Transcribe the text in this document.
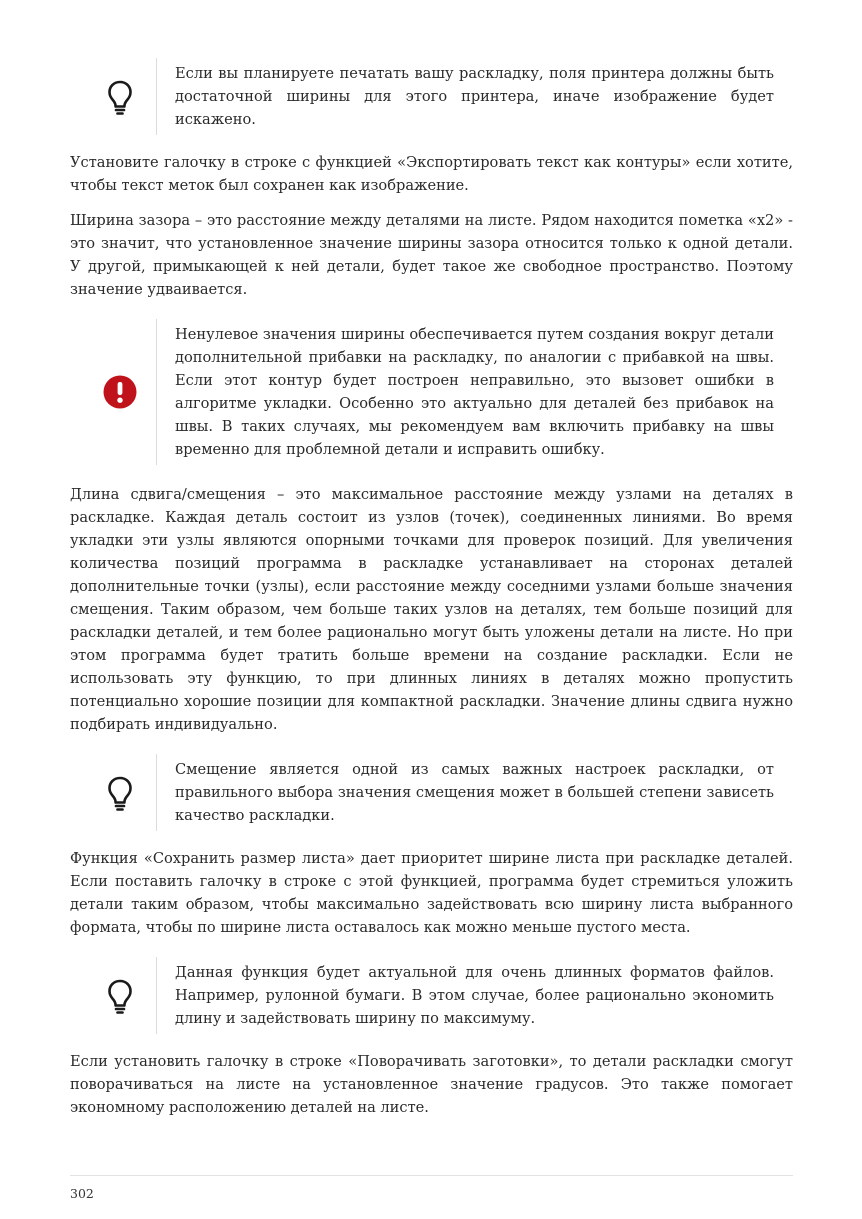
Если вы планируете печатать вашу раскладку, поля принтера должны быть достаточной ширины для этого принтера, иначе изображение будет искажено.

Установите галочку в строке с функцией «Экспортировать текст как контуры» если хотите, чтобы текст меток был сохранен как изображение.

Ширина зазора – это расстояние между деталями на листе. Рядом находится пометка «x2» - это значит, что установленное значение ширины зазора относится только к одной детали. У другой, примыкающей к ней детали, будет такое же свободное пространство. Поэтому значение удваивается.

Ненулевое значения ширины обеспечивается путем создания вокруг детали дополнительной прибавки на раскладку, по аналогии с прибавкой на швы. Если этот контур будет построен неправильно, это вызовет ошибки в алгоритме укладки. Особенно это актуально для деталей без прибавок на швы. В таких случаях, мы рекомендуем вам включить прибавку на швы временно для проблемной детали и исправить ошибку.

Длина сдвига/смещения – это максимальное расстояние между узлами на деталях в раскладке. Каждая деталь состоит из узлов (точек), соединенных линиями. Во время укладки эти узлы являются опорными точками для проверок позиций. Для увеличения количества позиций программа в раскладке устанавливает на сторонах деталей дополнительные точки (узлы), если расстояние между соседними узлами больше значения смещения. Таким образом, чем больше таких узлов на деталях, тем больше позиций для раскладки деталей, и тем более рационально могут быть уложены детали на листе. Но при этом программа будет тратить больше времени на создание раскладки. Если не использовать эту функцию, то при длинных линиях в деталях можно пропустить потенциально хорошие позиции для компактной раскладки. Значение длины сдвига нужно подбирать индивидуально.

Смещение является одной из самых важных настроек раскладки, от правильного выбора значения смещения может в большей степени зависеть качество раскладки.

Функция «Сохранить размер листа» дает приоритет ширине листа при раскладке деталей. Если поставить галочку в строке с этой функцией, программа будет стремиться уложить детали таким образом, чтобы максимально задействовать всю ширину листа выбранного формата, чтобы по ширине листа оставалось как можно меньше пустого места.

Данная функция будет актуальной для очень длинных форматов файлов. Например, рулонной бумаги. В этом случае, более рационально экономить длину и задействовать ширину по максимуму.

Если установить галочку в строке «Поворачивать заготовки», то детали раскладки смогут поворачиваться на листе на установленное значение градусов. Это также помогает экономному расположению деталей на листе.

302
